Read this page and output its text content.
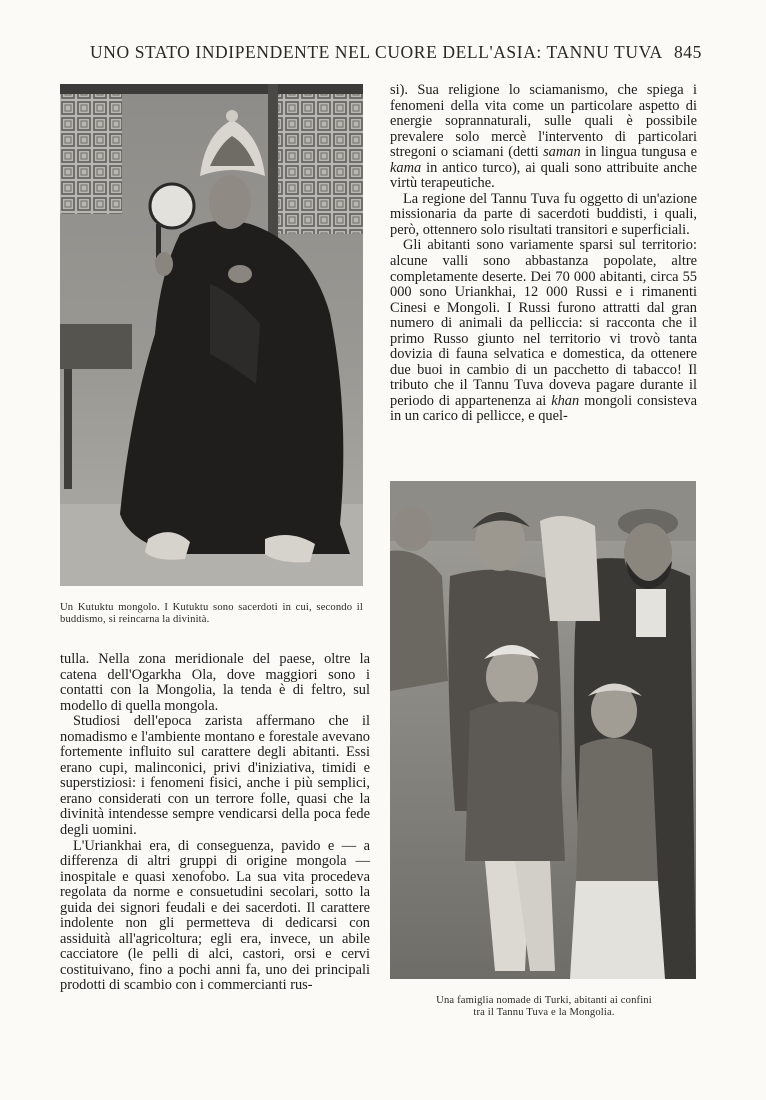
UNO STATO INDIPENDENTE NEL CUORE DELL'ASIA: TANNU TUVA 845
Un Kutuktu mongolo. I Kutuktu sono sacerdoti in cui, secondo il buddismo, si reincarna la divinità.

tulla. Nella zona meridionale del paese, oltre la catena dell'Ogarkha Ola, dove maggiori sono i contatti con la Mongolia, la tenda è di feltro, sul modello di quella mongola.

Studiosi dell'epoca zarista affermano che il nomadismo e l'ambiente montano e forestale avevano fortemente influito sul carattere degli abitanti. Essi erano cupi, malinconici, privi d'iniziativa, timidi e superstiziosi: i fenomeni fisici, anche i più semplici, erano considerati con un terrore folle, quasi che la divinità intendesse sempre vendicarsi della poca fede degli uomini.

L'Uriankhai era, di conseguenza, pavido e — a differenza di altri gruppi di origine mongola — inospitale e quasi xenofobo. La sua vita procedeva regolata da norme e consuetudini secolari, sotto la guida dei signori feudali e dei sacerdoti. Il carattere indolente non gli permetteva di dedicarsi con assiduità all'agricoltura; egli era, invece, un abile cacciatore (le pelli di alci, castori, orsi e cervi costituivano, fino a pochi anni fa, uno dei principali prodotti di scambio con i commercianti rus-

si). Sua religione lo sciamanismo, che spiega i fenomeni della vita come un particolare aspetto di energie soprannaturali, sulle quali è possibile prevalere solo mercè l'intervento di particolari stregoni o sciamani (detti saman in lingua tungusa e kama in antico turco), ai quali sono attribuite anche virtù terapeutiche.

La regione del Tannu Tuva fu oggetto di un'azione missionaria da parte di sacerdoti buddisti, i quali, però, ottennero solo risultati transitori e superficiali.

Gli abitanti sono variamente sparsi sul territorio: alcune valli sono abbastanza popolate, altre completamente deserte. Dei 70 000 abitanti, circa 55 000 sono Uriankhai, 12 000 Russi e i rimanenti Cinesi e Mongoli. I Russi furono attratti dal gran numero di animali da pelliccia: si racconta che il primo Russo giunto nel territorio vi trovò tanta dovizia di fauna selvatica e domestica, da ottenere due buoi in cambio di un pacchetto di tabacco! Il tributo che il Tannu Tuva doveva pagare durante il periodo di appartenenza ai khan mongoli consisteva in un carico di pellicce, e quel-

Una famiglia nomade di Turki, abitanti ai confini
tra il Tannu Tuva e la Mongolia.
